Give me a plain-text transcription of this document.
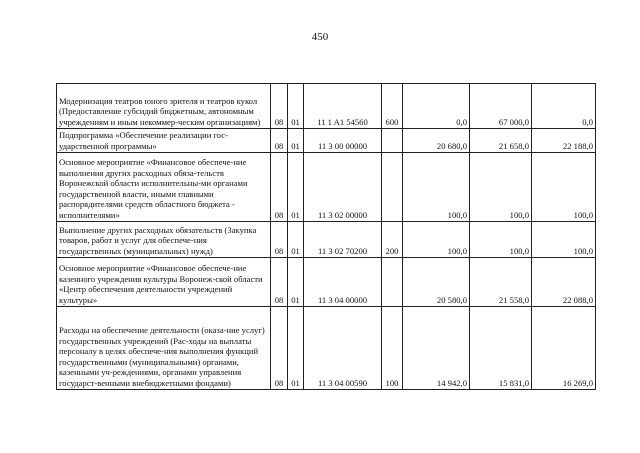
450
Модернизация театров юного зрителя и театров кукол (Предоставление субсидий бюджетным, автономным учреждениям и иным некоммер-ческим организациям)	08	01	11 1 A1 54560	600	0,0	67 000,0	0,0
Подпрограмма «Обеспечение реализации гос-ударственной программы»	08	01	11 3 00 00000		20 680,0	21 658,0	22 188,0
Основное мероприятие «Финансовое обеспече-ние выполнения других расходных обяза-тельств Воронежской области исполнительны-ми органами государственной власти, иными главными распорядителями средств областного бюджета - исполнителями»	08	01	11 3 02 00000		100,0	100,0	100,0
Выполнение других расходных обязательств (Закупка товаров, работ и услуг для обеспече-ния государственных (муниципальных) нужд)	08	01	11 3 02 70200	200	100,0	100,0	100,0
Основное мероприятие «Финансовое обеспече-ние казенного учреждения культуры Воронеж-ской области «Центр обеспечения деятельности учреждений культуры»	08	01	11 3 04 00000		20 580,0	21 558,0	22 088,0
Расходы на обеспечение деятельности (оказа-ние услуг) государственных учреждений (Рас-ходы на выплаты персоналу в целях обеспече-ния выполнения функций государственными (муниципальными) органами, казенными уч-реждениями, органами управления государст-венными внебюджетными фондами)	08	01	11 3 04 00590	100	14 942,0	15 831,0	16 269,0
